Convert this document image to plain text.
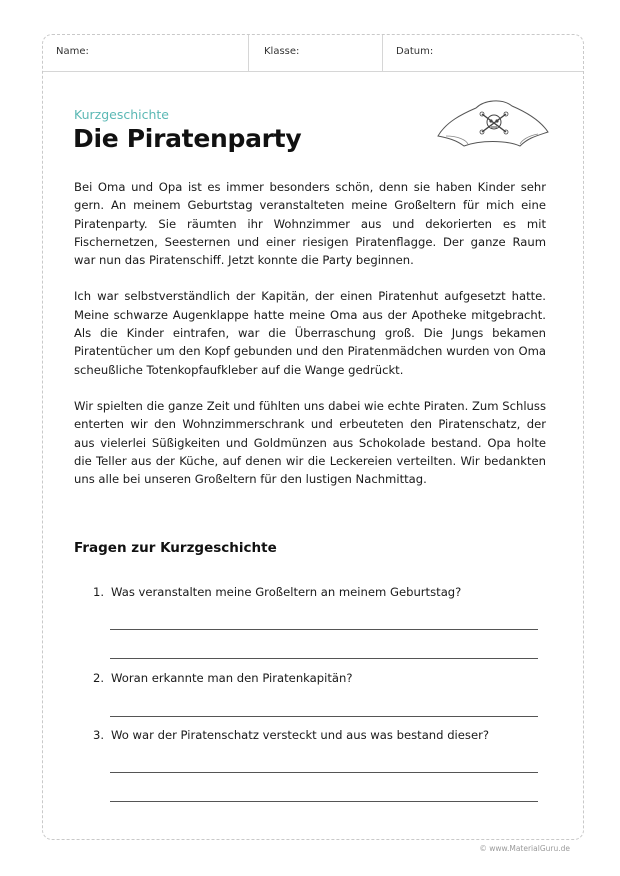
Name:	Klasse:	Datum:
Kurzgeschichte
Die Piratenparty

Bei Oma und Opa ist es immer besonders schön, denn sie haben Kinder sehr gern. An meinem Geburtstag veranstalteten meine Großeltern für mich eine Piratenparty. Sie räumten ihr Wohnzimmer aus und dekorierten es mit Fischernetzen, Seesternen und einer riesigen Piratenflagge. Der ganze Raum war nun das Piratenschiff. Jetzt konnte die Party beginnen.

Ich war selbstverständlich der Kapitän, der einen Piratenhut aufgesetzt hatte. Meine schwarze Augenklappe hatte meine Oma aus der Apotheke mitgebracht. Als die Kinder eintrafen, war die Überraschung groß. Die Jungs bekamen Piratentücher um den Kopf gebunden und den Piratenmädchen wurden von Oma scheußliche Totenkopfaufkleber auf die Wange gedrückt.

Wir spielten die ganze Zeit und fühlten uns dabei wie echte Piraten. Zum Schluss enterten wir den Wohnzimmerschrank und erbeuteten den Piratenschatz, der aus vielerlei Süßigkeiten und Goldmünzen aus Schokolade bestand. Opa holte die Teller aus der Küche, auf denen wir die Leckereien verteilten. Wir bedankten uns alle bei unseren Großeltern für den lustigen Nachmittag.

Fragen zur Kurzgeschichte
1. Was veranstalten meine Großeltern an meinem Geburtstag?
2. Woran erkannte man den Piratenkapitän?
3. Wo war der Piratenschatz versteckt und aus was bestand dieser?
© www.MaterialGuru.de
